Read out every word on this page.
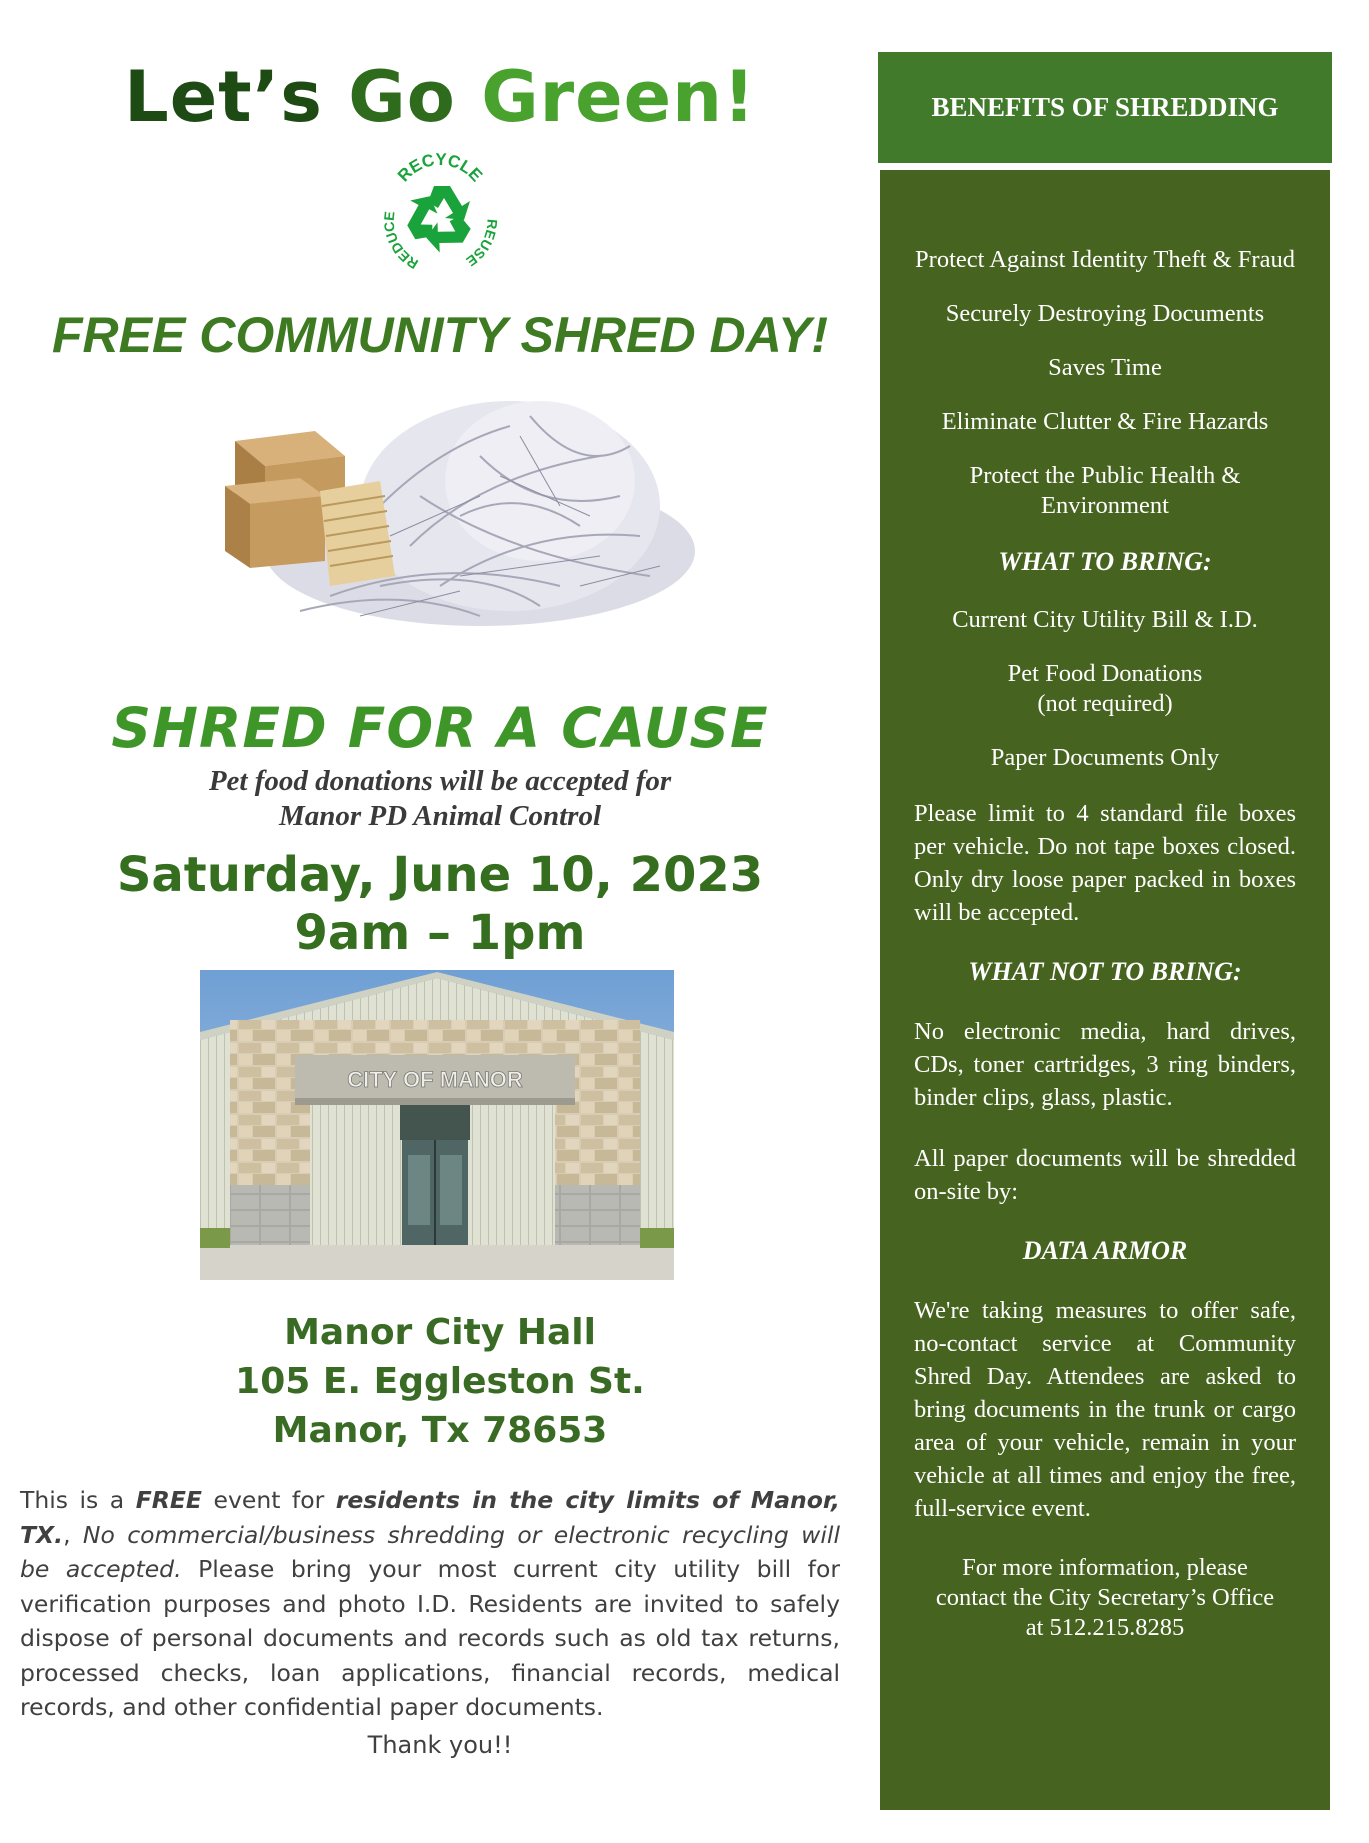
Let’s Go Green!
RECYCLE
REDUCE
REUSE
FREE COMMUNITY SHRED DAY!
SHRED FOR A CAUSE
Pet food donations will be accepted for
Manor PD Animal Control
Saturday, June 10, 2023
9am – 1pm
CITY OF MANOR
Manor City Hall
105 E. Eggleston St.
Manor, Tx 78653
This is a FREE event for residents in the city limits of Manor, TX., No commercial/business shredding or electronic recycling will be accepted. Please bring your most current city utility bill for verification purposes and photo I.D. Residents are invited to safely dispose of personal documents and records such as old tax returns, processed checks, loan applications, financial records, medical records, and other confidential paper documents.
Thank you!!
BENEFITS OF SHREDDING

Protect Against Identity Theft & Fraud

Securely Destroying Documents

Saves Time

Eliminate Clutter & Fire Hazards

Protect the Public Health & Environment

WHAT TO BRING:

Current City Utility Bill & I.D.

Pet Food Donations

(not required)

Paper Documents Only

Please limit to 4 standard file boxes per vehicle. Do not tape boxes closed. Only dry loose paper packed in boxes will be accepted.

WHAT NOT TO BRING:

No electronic media, hard drives, CDs, toner cartridges, 3 ring binders, binder clips, glass, plastic.

All paper documents will be shredded on-site by:

DATA ARMOR

We're taking measures to offer safe, no-contact service at Community Shred Day. Attendees are asked to bring documents in the trunk or cargo area of your vehicle, remain in your vehicle at all times and enjoy the free, full-service event.

For more information, please
contact the City Secretary’s Office
at 512.215.8285
